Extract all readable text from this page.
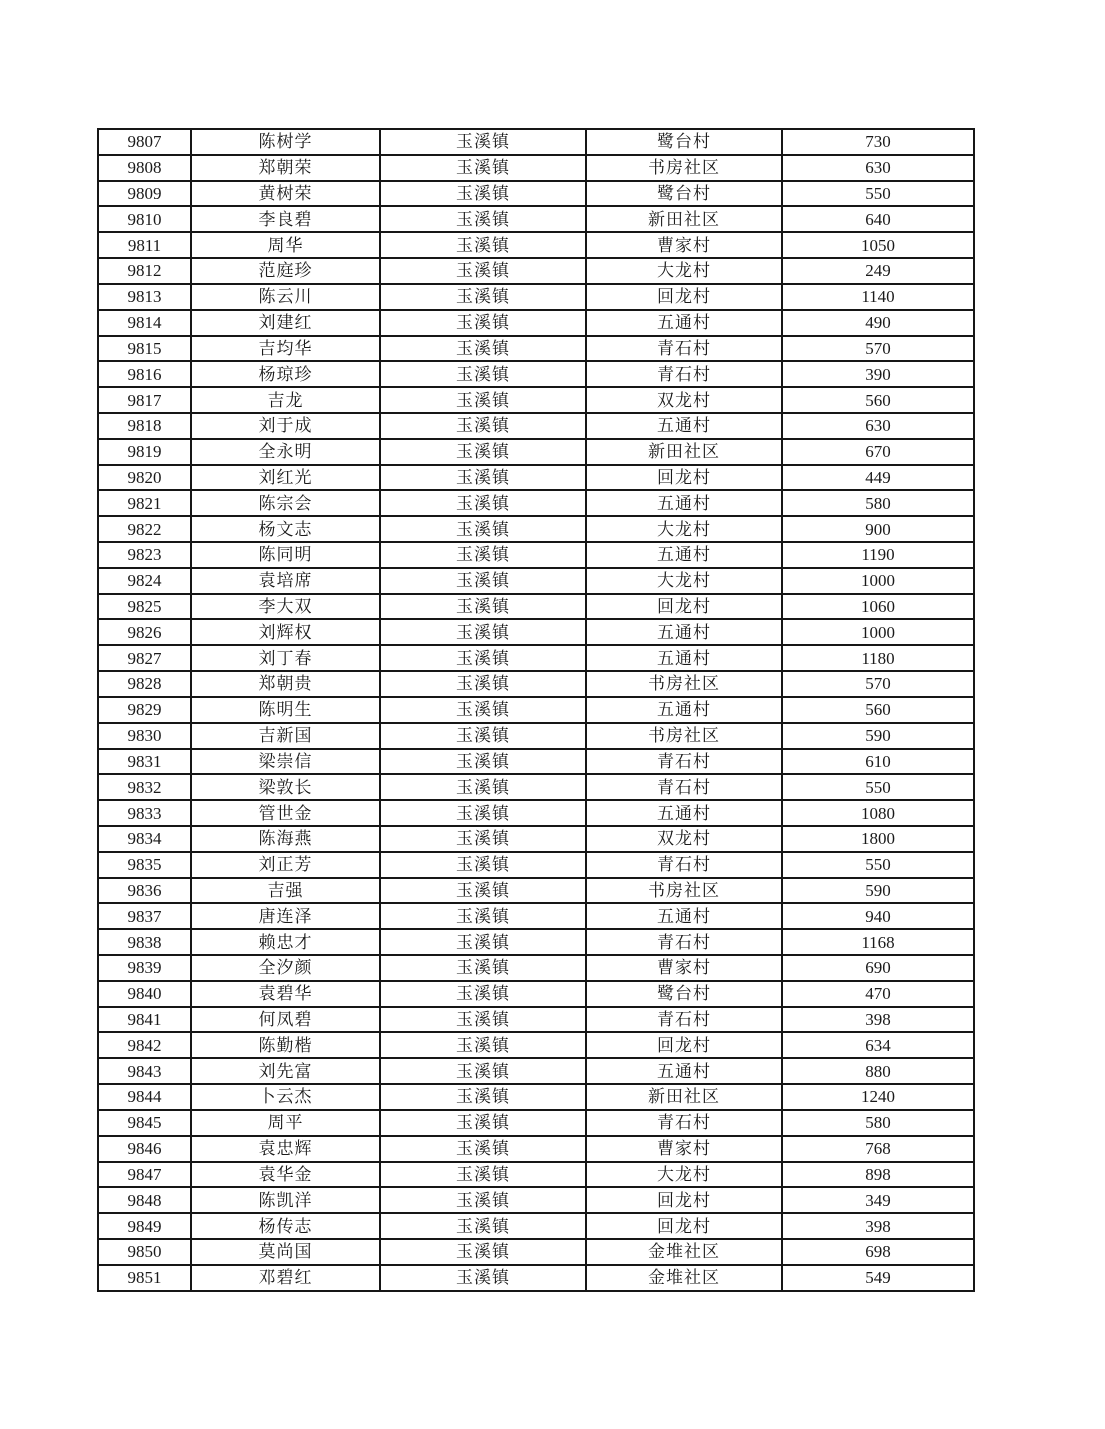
9807	陈树学	玉溪镇	鹭台村	730
9808	郑朝荣	玉溪镇	书房社区	630
9809	黄树荣	玉溪镇	鹭台村	550
9810	李良碧	玉溪镇	新田社区	640
9811	周华	玉溪镇	曹家村	1050
9812	范庭珍	玉溪镇	大龙村	249
9813	陈云川	玉溪镇	回龙村	1140
9814	刘建红	玉溪镇	五通村	490
9815	吉均华	玉溪镇	青石村	570
9816	杨琼珍	玉溪镇	青石村	390
9817	吉龙	玉溪镇	双龙村	560
9818	刘于成	玉溪镇	五通村	630
9819	全永明	玉溪镇	新田社区	670
9820	刘红光	玉溪镇	回龙村	449
9821	陈宗会	玉溪镇	五通村	580
9822	杨文志	玉溪镇	大龙村	900
9823	陈同明	玉溪镇	五通村	1190
9824	袁培席	玉溪镇	大龙村	1000
9825	李大双	玉溪镇	回龙村	1060
9826	刘辉权	玉溪镇	五通村	1000
9827	刘丁春	玉溪镇	五通村	1180
9828	郑朝贵	玉溪镇	书房社区	570
9829	陈明生	玉溪镇	五通村	560
9830	吉新国	玉溪镇	书房社区	590
9831	梁崇信	玉溪镇	青石村	610
9832	梁敦长	玉溪镇	青石村	550
9833	管世金	玉溪镇	五通村	1080
9834	陈海燕	玉溪镇	双龙村	1800
9835	刘正芳	玉溪镇	青石村	550
9836	吉强	玉溪镇	书房社区	590
9837	唐连泽	玉溪镇	五通村	940
9838	赖忠才	玉溪镇	青石村	1168
9839	全汐颜	玉溪镇	曹家村	690
9840	袁碧华	玉溪镇	鹭台村	470
9841	何凤碧	玉溪镇	青石村	398
9842	陈勤楷	玉溪镇	回龙村	634
9843	刘先富	玉溪镇	五通村	880
9844	卜云杰	玉溪镇	新田社区	1240
9845	周平	玉溪镇	青石村	580
9846	袁忠辉	玉溪镇	曹家村	768
9847	袁华金	玉溪镇	大龙村	898
9848	陈凯洋	玉溪镇	回龙村	349
9849	杨传志	玉溪镇	回龙村	398
9850	莫尚国	玉溪镇	金堆社区	698
9851	邓碧红	玉溪镇	金堆社区	549
